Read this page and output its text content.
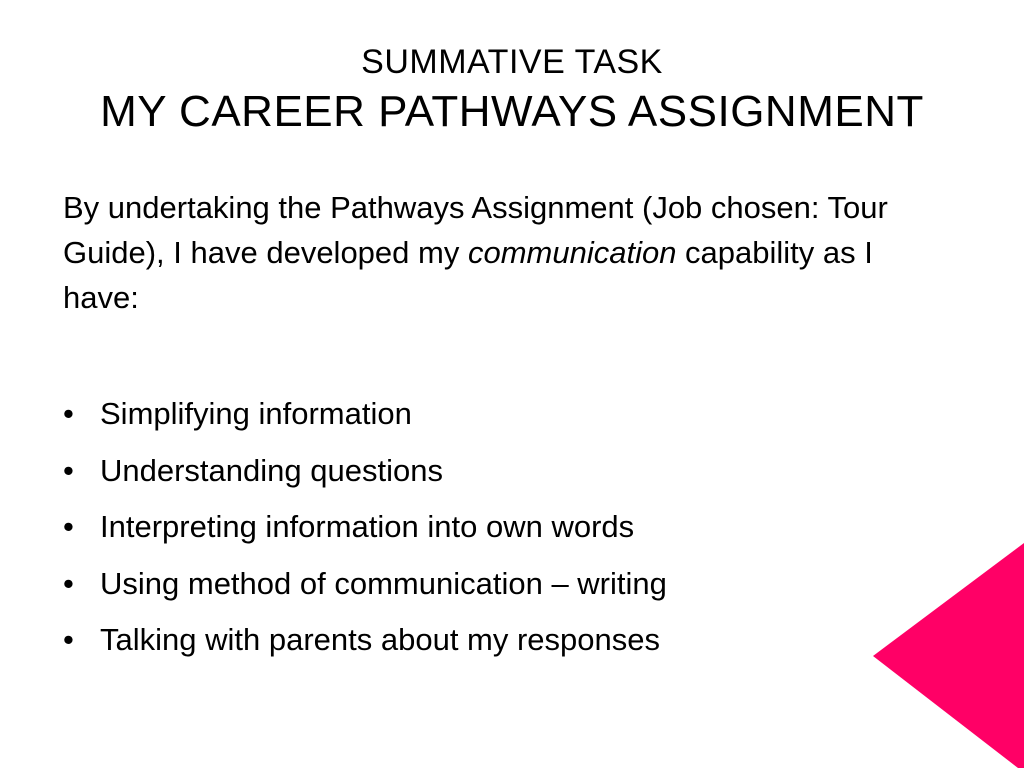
SUMMATIVE TASK
MY CAREER PATHWAYS ASSIGNMENT

By undertaking the Pathways Assignment (Job chosen: Tour Guide), I have developed my communication capability as I have:

• Simplifying information
• Understanding questions
• Interpreting information into own words
• Using method of communication – writing
• Talking with parents about my responses
